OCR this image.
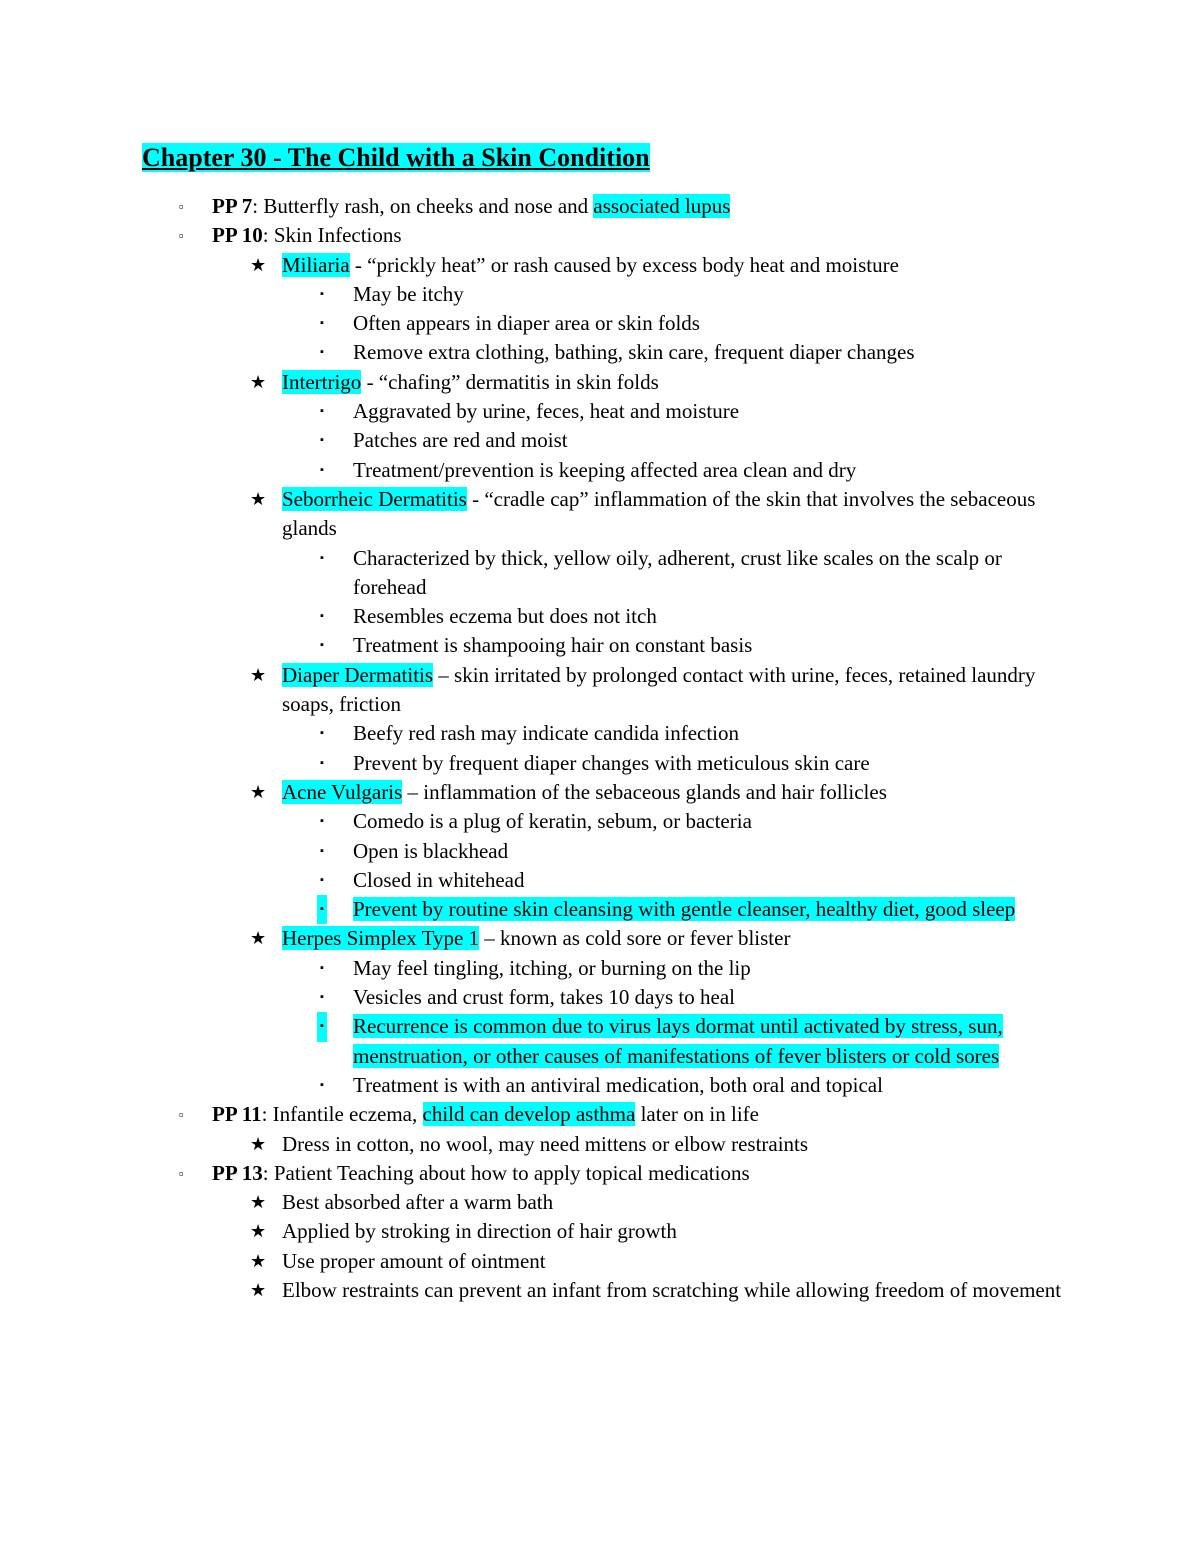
Chapter 30 - The Child with a Skin Condition
▫ PP 7: Butterfly rash, on cheeks and nose and associated lupus
▫ PP 10: Skin Infections
★ Miliaria - “prickly heat” or rash caused by excess body heat and moisture
▪ May be itchy
▪ Often appears in diaper area or skin folds
▪ Remove extra clothing, bathing, skin care, frequent diaper changes
★ Intertrigo - “chafing” dermatitis in skin folds
▪ Aggravated by urine, feces, heat and moisture
▪ Patches are red and moist
▪ Treatment/prevention is keeping affected area clean and dry
★ Seborrheic Dermatitis - “cradle cap” inflammation of the skin that involves the sebaceous glands
▪ Characterized by thick, yellow oily, adherent, crust like scales on the scalp or forehead
▪ Resembles eczema but does not itch
▪ Treatment is shampooing hair on constant basis
★ Diaper Dermatitis – skin irritated by prolonged contact with urine, feces, retained laundry soaps, friction
▪ Beefy red rash may indicate candida infection
▪ Prevent by frequent diaper changes with meticulous skin care
★ Acne Vulgaris – inflammation of the sebaceous glands and hair follicles
▪ Comedo is a plug of keratin, sebum, or bacteria
▪ Open is blackhead
▪ Closed in whitehead
▪ Prevent by routine skin cleansing with gentle cleanser, healthy diet, good sleep
★ Herpes Simplex Type 1 – known as cold sore or fever blister
▪ May feel tingling, itching, or burning on the lip
▪ Vesicles and crust form, takes 10 days to heal
▪ Recurrence is common due to virus lays dormat until activated by stress, sun, menstruation, or other causes of manifestations of fever blisters or cold sores
▪ Treatment is with an antiviral medication, both oral and topical
▫ PP 11: Infantile eczema, child can develop asthma later on in life
★ Dress in cotton, no wool, may need mittens or elbow restraints
▫ PP 13: Patient Teaching about how to apply topical medications
★ Best absorbed after a warm bath
★ Applied by stroking in direction of hair growth
★ Use proper amount of ointment
★ Elbow restraints can prevent an infant from scratching while allowing freedom of movement
